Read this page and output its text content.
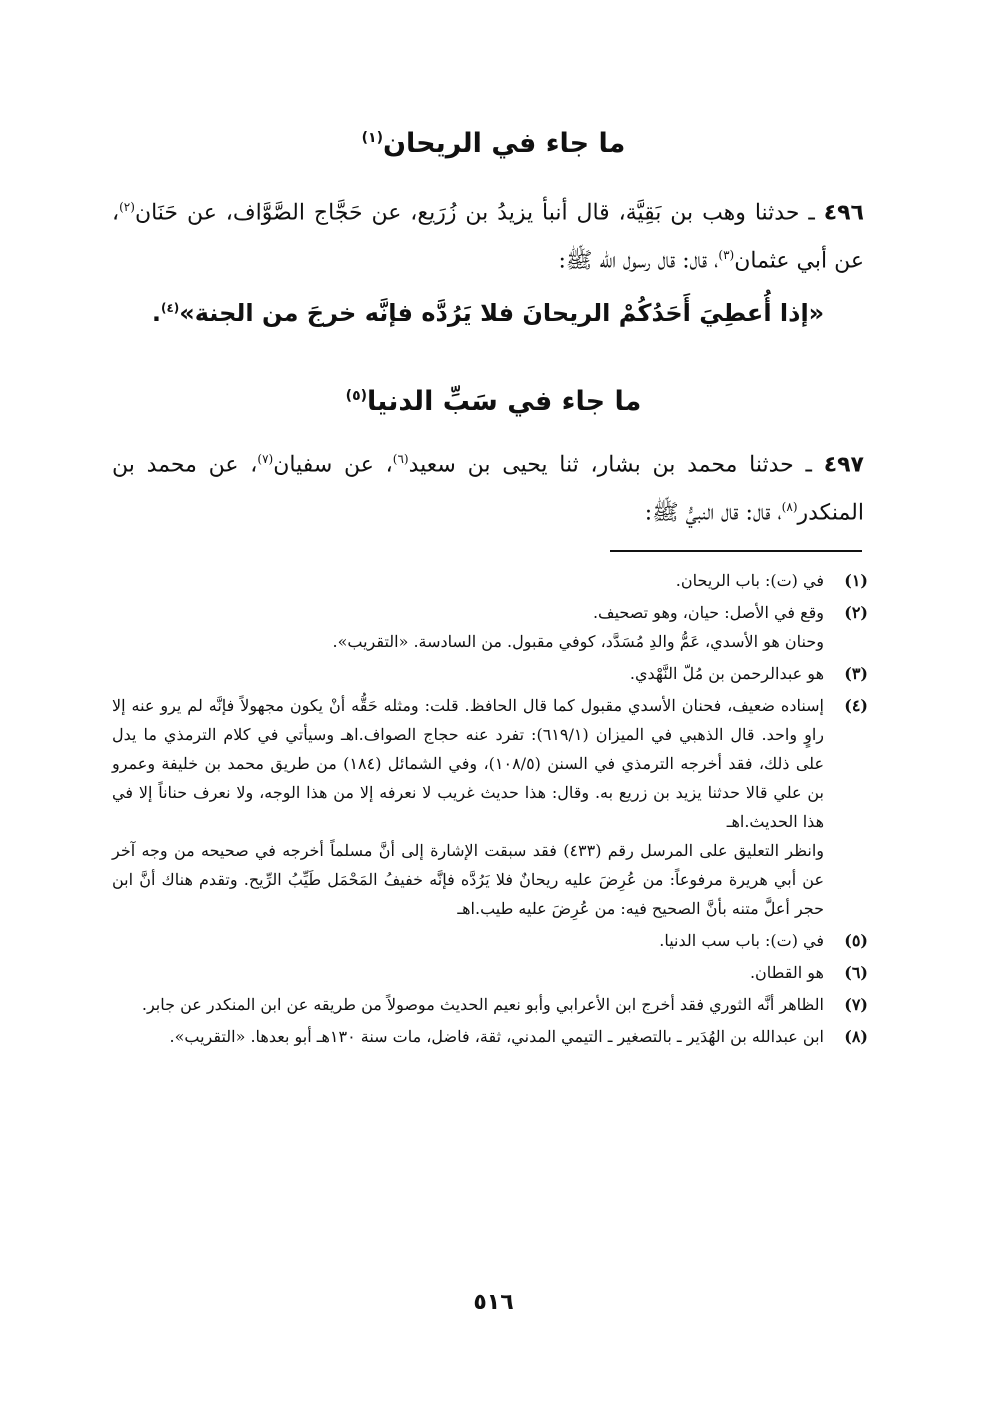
ما جاء في الريحان$^{(١)}$
٤٩٦ ـ حدثنا وهب بن بَقِيَّة، قال أنبأ يزيدُ بن زُرَيع، عن حَجَّاج الصَّوَّاف، عن حَنَان$^{(٢)}$، عن أبي عثمان$^{(٣)}$، قال: قال رسول الله ﷺ:
«إذا أُعطِيَ أَحَدُكُمْ الريحانَ فلا يَرُدَّه فإنَّه خرجَ من الجنة»$^{(٤)}$.
ما جاء في سَبِّ الدنيا$^{(٥)}$
٤٩٧ ـ حدثنا محمد بن بشار، ثنا يحيى بن سعيد$^{(٦)}$، عن سفيان$^{(٧)}$، عن محمد بن المنكدر$^{(٨)}$، قال: قال النبيُّ ﷺ:
(١)

في (ت): باب الريحان.

(٢)

وقع في الأصل: حيان، وهو تصحيف.

وحنان هو الأسدي، عَمُّ والدِ مُسَدَّد، كوفي مقبول. من السادسة. «التقريب».

(٣)

هو عبدالرحمن بن مُلّ النَّهْدي.

(٤)

إسناده ضعيف، فحنان الأسدي مقبول كما قال الحافظ. قلت: ومثله حَقُّه أنْ يكون مجهولاً فإنَّه لم يرو عنه إلا راوٍ واحد. قال الذهبي في الميزان (٦١٩/١): تفرد عنه حجاج الصواف.اهـ وسيأتي في كلام الترمذي ما يدل على ذلك، فقد أخرجه الترمذي في السنن (١٠٨/٥)، وفي الشمائل (١٨٤) من طريق محمد بن خليفة وعمرو بن علي قالا حدثنا يزيد بن زريع به. وقال: هذا حديث غريب لا نعرفه إلا من هذا الوجه، ولا نعرف حناناً إلا في هذا الحديث.اهـ

وانظر التعليق على المرسل رقم (٤٣٣) فقد سبقت الإشارة إلى أنَّ مسلماً أخرجه في صحيحه من وجه آخر عن أبي هريرة مرفوعاً: من عُرِضَ عليه ريحانٌ فلا يَرُدَّه فإنَّه خفيفُ المَحْمَل طَيِّبُ الرِّيح. وتقدم هناك أنَّ ابن حجر أعلَّ متنه بأنَّ الصحيح فيه: من عُرِضَ عليه طيب.اهـ

(٥)

في (ت): باب سب الدنيا.

(٦)

هو القطان.

(٧)

الظاهر أنَّه الثوري فقد أخرج ابن الأعرابي وأبو نعيم الحديث موصولاً من طريقه عن ابن المنكدر عن جابر.

(٨)

ابن عبدالله بن الهُدَير ـ بالتصغير ـ التيمي المدني، ثقة، فاضل، مات سنة ١٣٠هـ أبو بعدها. «التقريب».

٥١٦
